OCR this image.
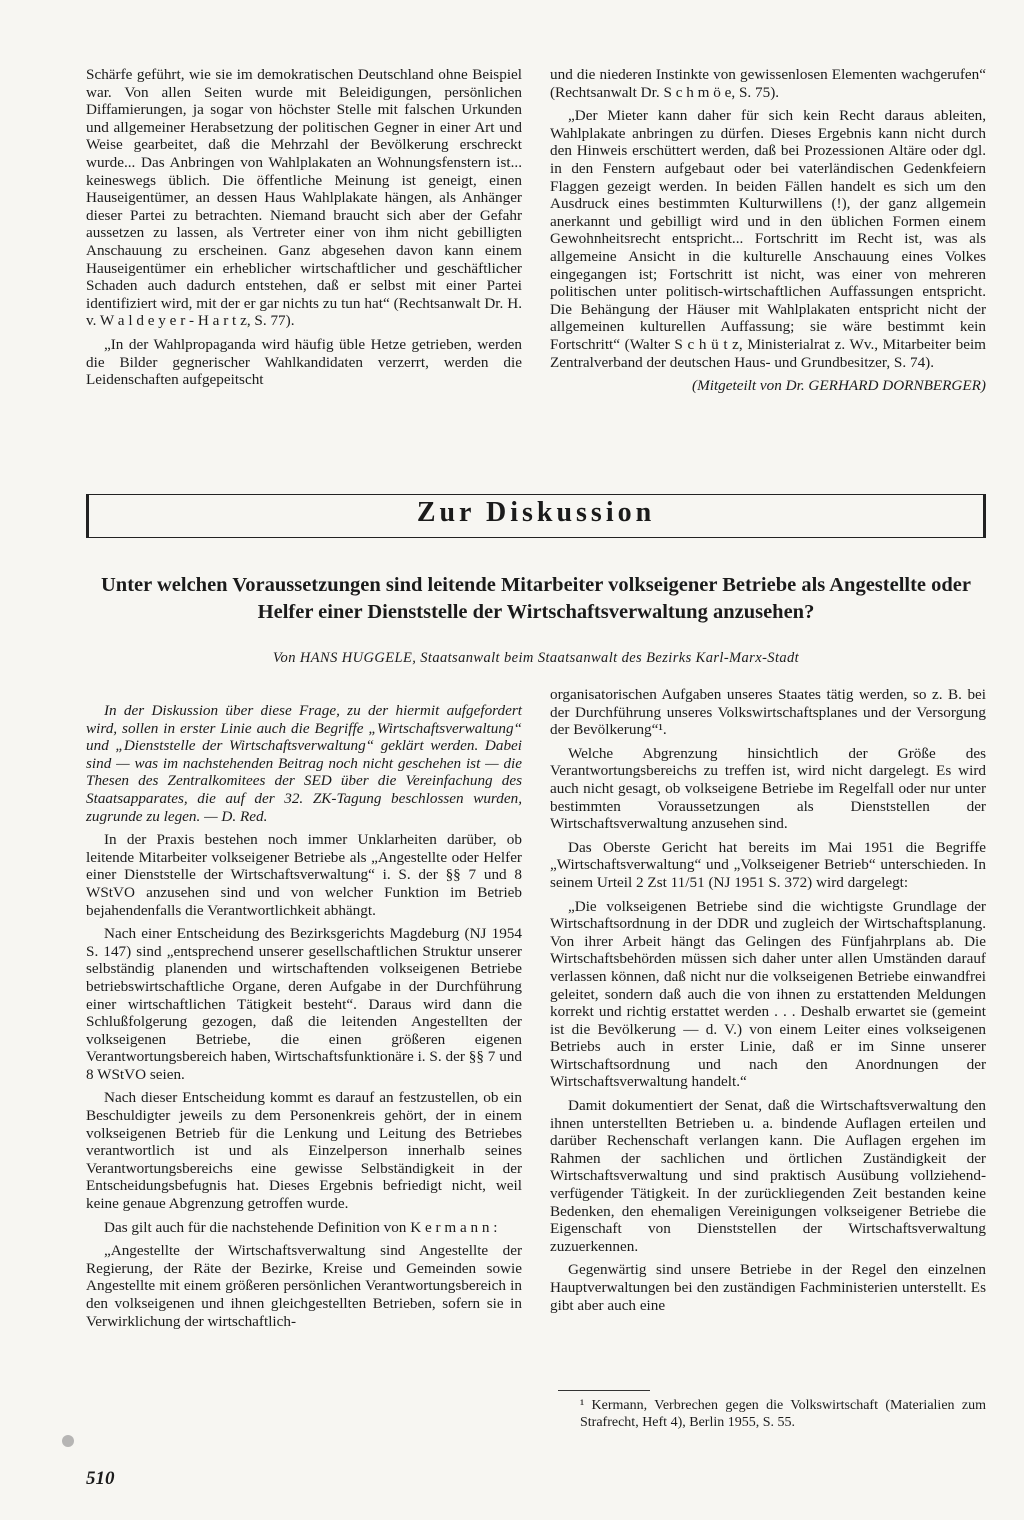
Schärfe geführt, wie sie im demokratischen Deutschland ohne Beispiel war. Von allen Seiten wurde mit Beleidigungen, persönlichen Diffamierungen, ja sogar von höchster Stelle mit falschen Urkunden und allgemeiner Herabsetzung der politischen Gegner in einer Art und Weise gearbeitet, daß die Mehrzahl der Bevölkerung erschreckt wurde... Das Anbringen von Wahlplakaten an Wohnungsfenstern ist... keineswegs üblich. Die öffentliche Meinung ist geneigt, einen Hauseigentümer, an dessen Haus Wahlplakate hängen, als Anhänger dieser Partei zu betrachten. Niemand braucht sich aber der Gefahr aussetzen zu lassen, als Vertreter einer von ihm nicht gebilligten Anschauung zu erscheinen. Ganz abgesehen davon kann einem Hauseigentümer ein erheblicher wirtschaftlicher und geschäftlicher Schaden auch dadurch entstehen, daß er selbst mit einer Partei identifiziert wird, mit der er gar nichts zu tun hat“ (Rechtsanwalt Dr. H. v. W a l d e y e r - H a r t z, S. 77).

„In der Wahlpropaganda wird häufig üble Hetze getrieben, werden die Bilder gegnerischer Wahlkandidaten verzerrt, werden die Leidenschaften aufgepeitscht

und die niederen Instinkte von gewissenlosen Elementen wachgerufen“ (Rechtsanwalt Dr. S c h m ö e, S. 75).

„Der Mieter kann daher für sich kein Recht daraus ableiten, Wahlplakate anbringen zu dürfen. Dieses Ergebnis kann nicht durch den Hinweis erschüttert werden, daß bei Prozessionen Altäre oder dgl. in den Fenstern aufgebaut oder bei vaterländischen Gedenkfeiern Flaggen gezeigt werden. In beiden Fällen handelt es sich um den Ausdruck eines bestimmten Kulturwillens (!), der ganz allgemein anerkannt und gebilligt wird und in den üblichen Formen einem Gewohnheitsrecht entspricht... Fortschritt im Recht ist, was als allgemeine Ansicht in die kulturelle Anschauung eines Volkes eingegangen ist; Fortschritt ist nicht, was einer von mehreren politischen unter politisch-wirtschaftlichen Auffassungen entspricht. Die Behängung der Häuser mit Wahlplakaten entspricht nicht der allgemeinen kulturellen Auffassung; sie wäre bestimmt kein Fortschritt“ (Walter S c h ü t z, Ministerialrat z. Wv., Mitarbeiter beim Zentralverband der deutschen Haus- und Grundbesitzer, S. 74).

(Mitgeteilt von Dr. GERHARD DORNBERGER)

Zur Diskussion
Unter welchen Voraussetzungen sind leitende Mitarbeiter volkseigener Betriebe als Angestellte oder Helfer einer Dienststelle der Wirtschaftsverwaltung anzusehen?
Von HANS HUGGELE, Staatsanwalt beim Staatsanwalt des Bezirks Karl-Marx-Stadt

In der Diskussion über diese Frage, zu der hiermit aufgefordert wird, sollen in erster Linie auch die Begriffe „Wirtschaftsverwaltung“ und „Dienststelle der Wirtschaftsverwaltung“ geklärt werden. Dabei sind — was im nachstehenden Beitrag noch nicht geschehen ist — die Thesen des Zentralkomitees der SED über die Vereinfachung des Staatsapparates, die auf der 32. ZK-Tagung beschlossen wurden, zugrunde zu legen. — D. Red.

In der Praxis bestehen noch immer Unklarheiten darüber, ob leitende Mitarbeiter volkseigener Betriebe als „Angestellte oder Helfer einer Dienststelle der Wirtschaftsverwaltung“ i. S. der §§ 7 und 8 WStVO anzusehen sind und von welcher Funktion im Betrieb bejahendenfalls die Verantwortlichkeit abhängt.

Nach einer Entscheidung des Bezirksgerichts Magdeburg (NJ 1954 S. 147) sind „entsprechend unserer gesellschaftlichen Struktur unserer selbständig planenden und wirtschaftenden volkseigenen Betriebe betriebswirtschaftliche Organe, deren Aufgabe in der Durchführung einer wirtschaftlichen Tätigkeit besteht“. Daraus wird dann die Schlußfolgerung gezogen, daß die leitenden Angestellten der volkseigenen Betriebe, die einen größeren eigenen Verantwortungsbereich haben, Wirtschaftsfunktionäre i. S. der §§ 7 und 8 WStVO seien.

Nach dieser Entscheidung kommt es darauf an festzustellen, ob ein Beschuldigter jeweils zu dem Personenkreis gehört, der in einem volkseigenen Betrieb für die Lenkung und Leitung des Betriebes verantwortlich ist und als Einzelperson innerhalb seines Verantwortungsbereichs eine gewisse Selbständigkeit in der Entscheidungsbefugnis hat. Dieses Ergebnis befriedigt nicht, weil keine genaue Abgrenzung getroffen wurde.

Das gilt auch für die nachstehende Definition von K e r m a n n :

„Angestellte der Wirtschaftsverwaltung sind Angestellte der Regierung, der Räte der Bezirke, Kreise und Gemeinden sowie Angestellte mit einem größeren persönlichen Verantwortungsbereich in den volkseigenen und ihnen gleichgestellten Betrieben, sofern sie in Verwirklichung der wirtschaftlich-

organisatorischen Aufgaben unseres Staates tätig werden, so z. B. bei der Durchführung unseres Volkswirtschaftsplanes und der Versorgung der Bevölkerung“¹.

Welche Abgrenzung hinsichtlich der Größe des Verantwortungsbereichs zu treffen ist, wird nicht dargelegt. Es wird auch nicht gesagt, ob volkseigene Betriebe im Regelfall oder nur unter bestimmten Voraussetzungen als Dienststellen der Wirtschaftsverwaltung anzusehen sind.

Das Oberste Gericht hat bereits im Mai 1951 die Begriffe „Wirtschaftsverwaltung“ und „Volkseigener Betrieb“ unterschieden. In seinem Urteil 2 Zst 11/51 (NJ 1951 S. 372) wird dargelegt:

„Die volkseigenen Betriebe sind die wichtigste Grundlage der Wirtschaftsordnung in der DDR und zugleich der Wirtschaftsplanung. Von ihrer Arbeit hängt das Gelingen des Fünfjahrplans ab. Die Wirtschaftsbehörden müssen sich daher unter allen Umständen darauf verlassen können, daß nicht nur die volkseigenen Betriebe einwandfrei geleitet, sondern daß auch die von ihnen zu erstattenden Meldungen korrekt und richtig erstattet werden . . . Deshalb erwartet sie (gemeint ist die Bevölkerung — d. V.) von einem Leiter eines volkseigenen Betriebs auch in erster Linie, daß er im Sinne unserer Wirtschaftsordnung und nach den Anordnungen der Wirtschaftsverwaltung handelt.“

Damit dokumentiert der Senat, daß die Wirtschaftsverwaltung den ihnen unterstellten Betrieben u. a. bindende Auflagen erteilen und darüber Rechenschaft verlangen kann. Die Auflagen ergehen im Rahmen der sachlichen und örtlichen Zuständigkeit der Wirtschaftsverwaltung und sind praktisch Ausübung vollziehend-verfügender Tätigkeit. In der zurückliegenden Zeit bestanden keine Bedenken, den ehemaligen Vereinigungen volkseigener Betriebe die Eigenschaft von Dienststellen der Wirtschaftsverwaltung zuzuerkennen.

Gegenwärtig sind unsere Betriebe in der Regel den einzelnen Hauptverwaltungen bei den zuständigen Fachministerien unterstellt. Es gibt aber auch eine

¹ Kermann, Verbrechen gegen die Volkswirtschaft (Materialien zum Strafrecht, Heft 4), Berlin 1955, S. 55.

510
